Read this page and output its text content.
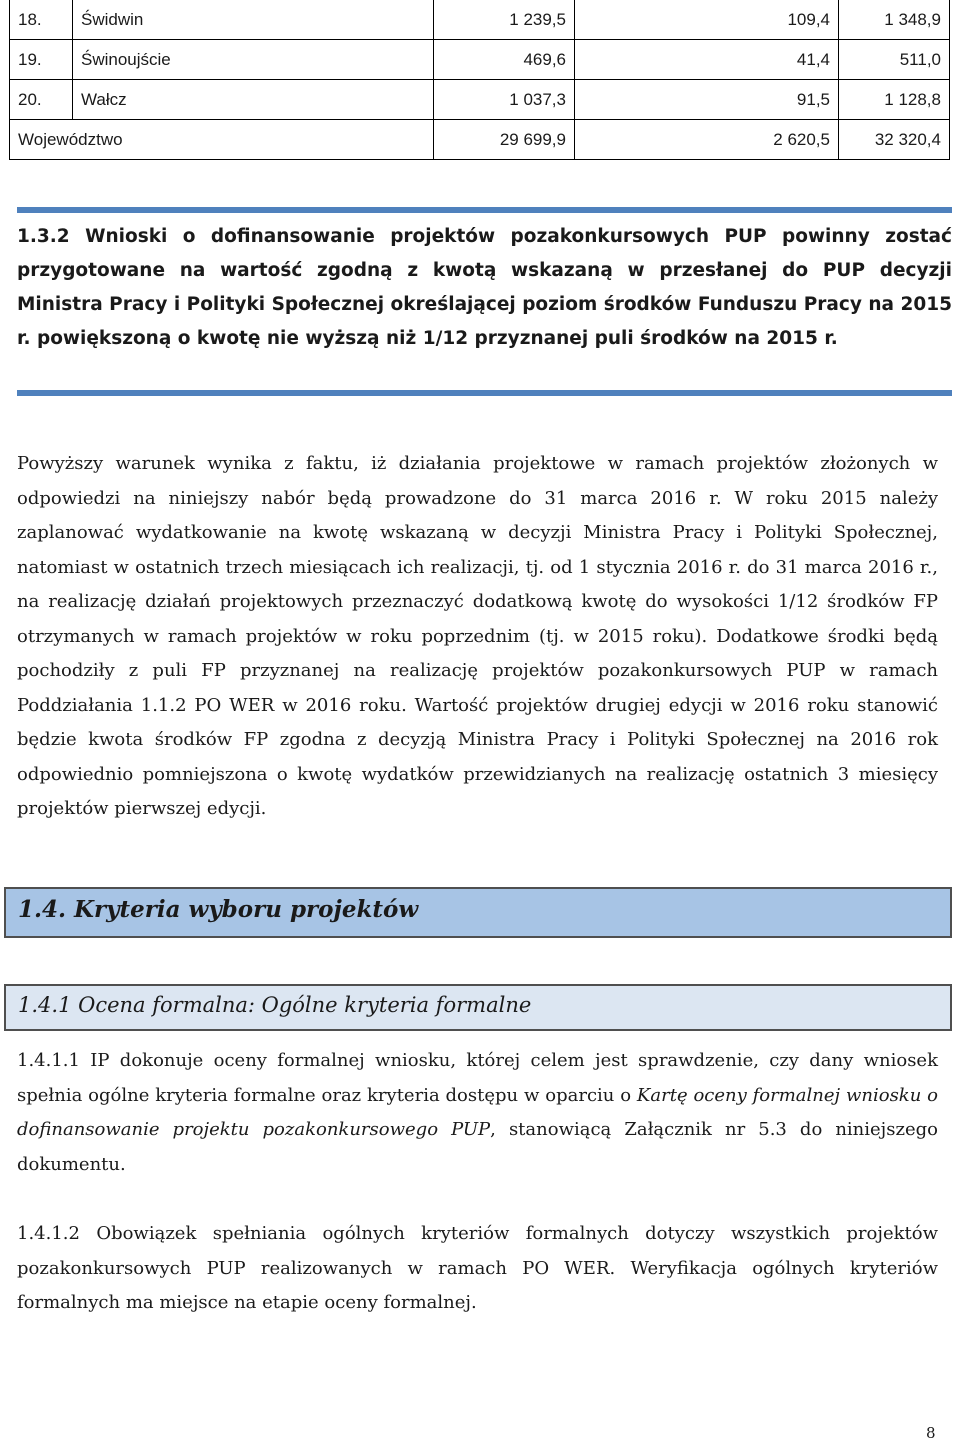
18.	Świdwin	1 239,5	109,4	1 348,9
19.	Świnoujście	469,6	41,4	511,0
20.	Wałcz	1 037,3	91,5	1 128,8
Województwo		29 699,9	2 620,5	32 320,4
1.3.2 Wnioski o dofinansowanie projektów pozakonkursowych PUP powinny zostać przygotowane na wartość zgodną z kwotą wskazaną w przesłanej do PUP decyzji Ministra Pracy i Polityki Społecznej określającej poziom środków Funduszu Pracy na 2015 r. powiększoną o kwotę nie wyższą niż 1/12 przyznanej puli środków na 2015 r.
Powyższy warunek wynika z faktu, iż działania projektowe w ramach projektów złożonych w odpowiedzi na niniejszy nabór będą prowadzone do 31 marca 2016 r. W roku 2015 należy zaplanować wydatkowanie na kwotę wskazaną w decyzji Ministra Pracy i Polityki Społecznej, natomiast w ostatnich trzech miesiącach ich realizacji, tj. od 1 stycznia 2016 r. do 31 marca 2016 r., na realizację działań projektowych przeznaczyć dodatkową kwotę do wysokości 1/12 środków FP otrzymanych w ramach projektów w roku poprzednim (tj. w 2015 roku). Dodatkowe środki będą pochodziły z puli FP przyznanej na realizację projektów pozakonkursowych PUP w ramach Poddziałania 1.1.2 PO WER w 2016 roku. Wartość projektów drugiej edycji w 2016 roku stanowić będzie kwota środków FP zgodna z decyzją Ministra Pracy i Polityki Społecznej na 2016 rok odpowiednio pomniejszona o kwotę wydatków przewidzianych na realizację ostatnich 3 miesięcy projektów pierwszej edycji.
1.4. Kryteria wyboru projektów
1.4.1 Ocena formalna: Ogólne kryteria formalne
1.4.1.1 IP dokonuje oceny formalnej wniosku, której celem jest sprawdzenie, czy dany wniosek spełnia ogólne kryteria formalne oraz kryteria dostępu w oparciu o Kartę oceny formalnej wniosku o dofinansowanie projektu pozakonkursowego PUP, stanowiącą Załącznik nr 5.3 do niniejszego dokumentu.
1.4.1.2 Obowiązek spełniania ogólnych kryteriów formalnych dotyczy wszystkich projektów pozakonkursowych PUP realizowanych w ramach PO WER. Weryfikacja ogólnych kryteriów formalnych ma miejsce na etapie oceny formalnej.
8
